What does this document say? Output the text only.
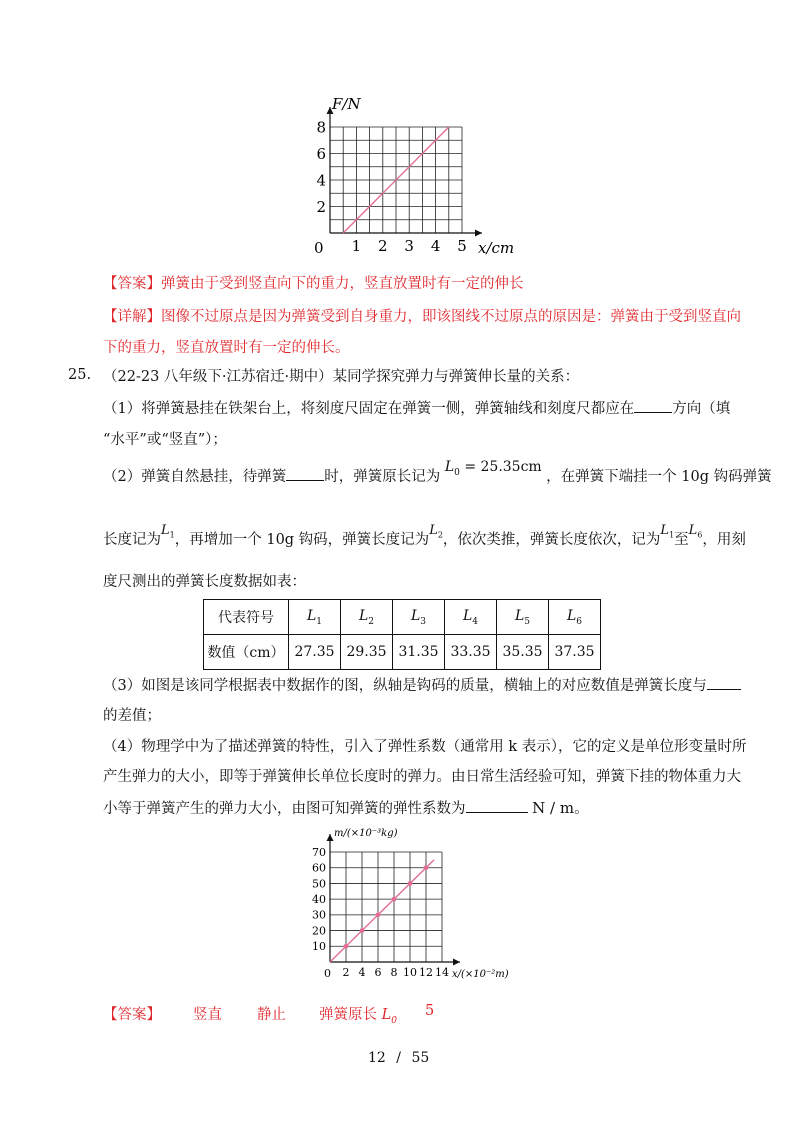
1 2 3 4 5
2
4
6
8
F/N
x/cm
0
【答案】弹簧由于受到竖直向下的重力，竖直放置时有一定的伸长
【详解】图像不过原点是因为弹簧受到自身重力，即该图线不过原点的原因是：弹簧由于受到竖直向
下的重力，竖直放置时有一定的伸长。
25. （22-23 八年级下·江苏宿迁·期中）某同学探究弹力与弹簧伸长量的关系：
（1）将弹簧悬挂在铁架台上，将刻度尺固定在弹簧一侧，弹簧轴线和刻度尺都应在	方向（填
“水平”或“竖直”）；
（2）弹簧自然悬挂，待弹簧	时，弹簧原长记为 $L_0 = 25.35cm$ ，在弹簧下端挂一个 10g 钩码弹簧
长度记为$L_1$，再增加一个 10g 钩码，弹簧长度记为$L_2$，依次类推，弹簧长度依次，记为$L_1$至$L_6$，用刻
度尺测出的弹簧长度数据如表：
代表符号	$L_1$	$L_2$	$L_3$	$L_4$	$L_5$	$L_6$
数值（cm）	27.35	29.35	31.35	33.35	35.35	37.35
（3）如图是该同学根据表中数据作的图，纵轴是钩码的质量，横轴上的对应数值是弹簧长度与
的差值；
（4）物理学中为了描述弹簧的特性，引入了弹性系数（通常用 k 表示），它的定义是单位形变量时所
产生弹力的大小，即等于弹簧伸长单位长度时的弹力。由日常生活经验可知，弹簧下挂的物体重力大
小等于弹簧产生的弹力大小，由图可知弹簧的弹性系数为	N / m。
2 4 6 8 10 12 14
10
20
30
40
50
60
70
m/(×10⁻³kg)
x/(×10⁻²m)
0
【答案】 竖直 静止 弹簧原长 $L_0$
5
12 / 55
